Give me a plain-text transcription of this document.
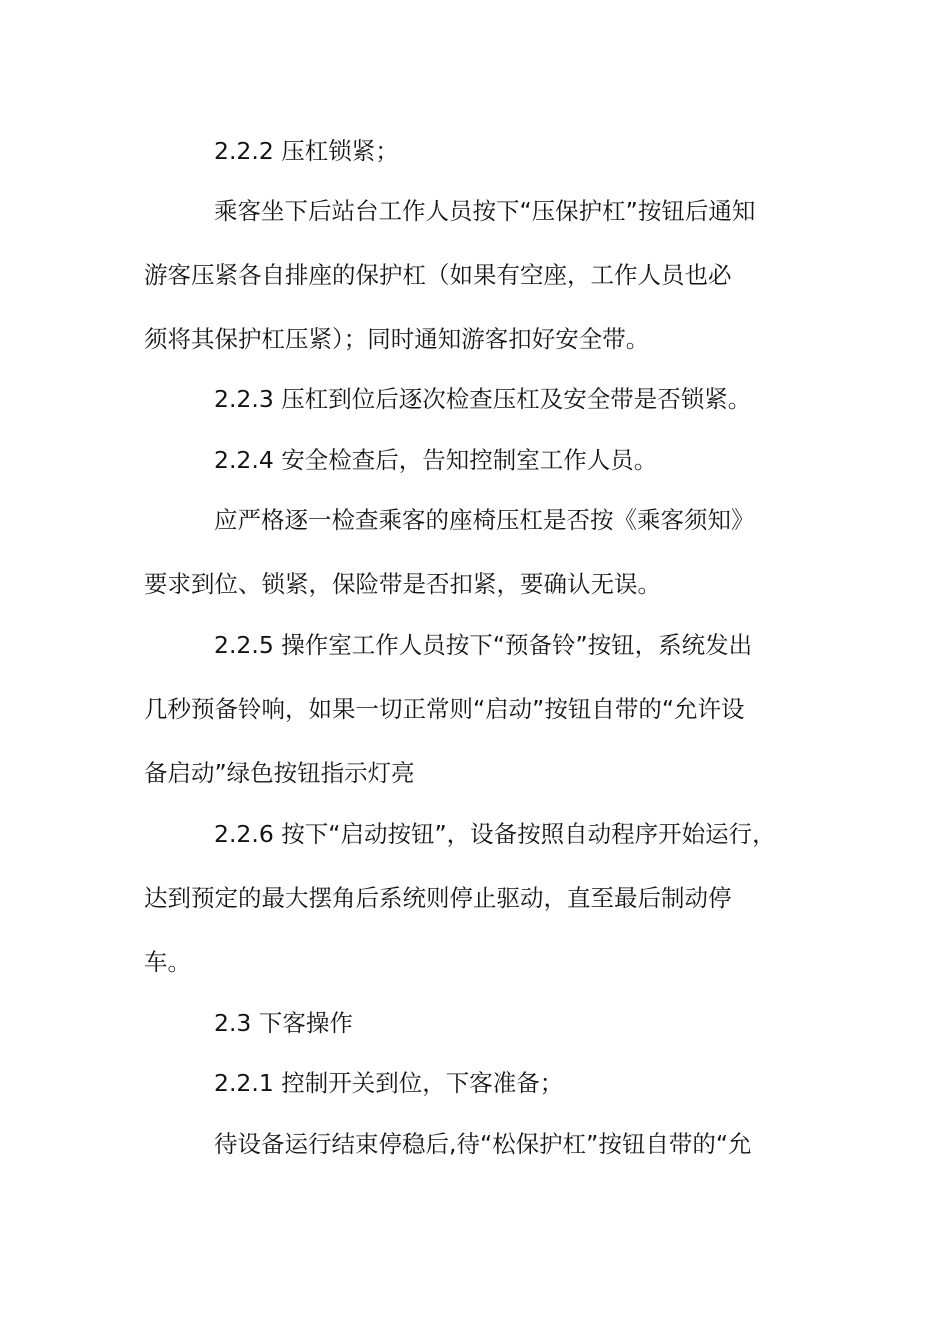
2.2.2 压杠锁紧；

乘客坐下后站台工作人员按下“压保护杠”按钮后通知

游客压紧各自排座的保护杠（如果有空座，工作人员也必

须将其保护杠压紧）；同时通知游客扣好安全带。

2.2.3 压杠到位后逐次检查压杠及安全带是否锁紧。

2.2.4 安全检查后，告知控制室工作人员。

应严格逐一检查乘客的座椅压杠是否按《乘客须知》

要求到位、锁紧，保险带是否扣紧，要确认无误。

2.2.5 操作室工作人员按下“预备铃”按钮，系统发出

几秒预备铃响，如果一切正常则“启动”按钮自带的“允许设

备启动”绿色按钮指示灯亮

2.2.6 按下“启动按钮”，设备按照自动程序开始运行，

达到预定的最大摆角后系统则停止驱动，直至最后制动停

车。

2.3 下客操作

2.2.1 控制开关到位，下客准备；

待设备运行结束停稳后,待“松保护杠”按钮自带的“允
